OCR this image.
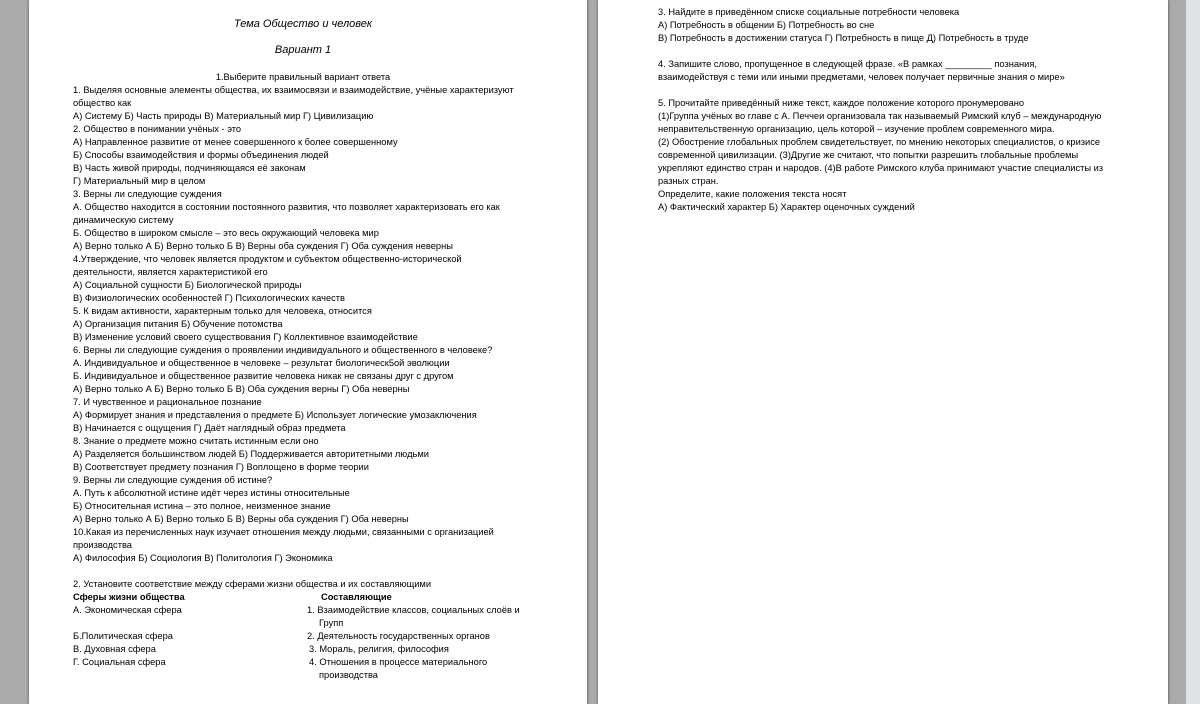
Тема Общество и человек
Вариант 1
1.Выберите правильный вариант ответа
1. Выделяя основные элементы общества, их взаимосвязи и взаимодействие, учёные характеризуют
общество как
А) Систему Б) Часть природы В) Материальный мир Г) Цивилизацию
2. Общество в понимании учёных - это
А) Направленное развитие от менее совершенного к более совершенному
Б) Способы взаимодействия и формы объединения людей
В) Часть живой природы, подчиняющаяся её законам
Г) Материальный мир в целом
3. Верны ли следующие суждения
А. Общество находится в состоянии постоянного развития, что позволяет характеризовать его как
динамическую систему
Б. Общество в широком смысле – это весь окружающий человека мир
А) Верно только А Б) Верно только Б В) Верны оба суждения Г) Оба суждения неверны
4.Утверждение, что человек является продуктом и субъектом общественно-исторической
деятельности, является характеристикой его
А) Социальной сущности Б) Биологической природы
В) Физиологических особенностей Г) Психологических качеств
5. К видам активности, характерным только для человека, относится
А) Организация питания Б) Обучение потомства
В) Изменение условий своего существования Г) Коллективное взаимодействие
6. Верны ли следующие суждения о проявлении индивидуального и общественного в человеке?
А. Индивидуальное и общественное в человеке – результат биологическ5ой эволюции
Б. Индивидуальное и общественное развитие человека никак не связаны друг с другом
А) Верно только А Б) Верно только Б В) Оба суждения верны Г) Оба неверны
7. И чувственное и рациональное познание
А) Формирует знания и представления о предмете Б) Использует логические умозаключения
В) Начинается с ощущения Г) Даёт наглядный образ предмета
8. Знание о предмете можно считать истинным если оно
А) Разделяется большинством людей Б) Поддерживается авторитетными людьми
В) Соответствует предмету познания Г) Воплощено в форме теории
9. Верны ли следующие суждения об истине?
А. Путь к абсолютной истине идёт через истины относительные
Б) Относительная истина – это полное, неизменное знание
А) Верно только А Б) Верно только Б В) Верны оба суждения Г) Оба неверны
10.Какая из перечисленных наук изучает отношения между людьми, связанными с организацией
производства
А) Философия Б) Социология В) Политология Г) Экономика
2. Установите соответствие между сферами жизни общества и их составляющими
Сферы жизни общества	Составляющие
А. Экономическая сфера
Б.Политическая сфера
В. Духовная сфера
Г. Социальная сфера
1. Взаимодействие классов, социальных слоёв и
Групп
2. Деятельность государственных органов
3. Мораль, религия, философия
4. Отношения в процессе материального
производства
3. Найдите в приведённом списке социальные потребности человека
А) Потребность в общении Б) Потребность во сне
В) Потребность в достижении статуса Г) Потребность в пище Д) Потребность в труде
4. Запишите слово, пропущенное в следующей фразе. «В рамках _________ познания,
взаимодействуя с теми или иными предметами, человек получает первичные знания о мире»
5. Прочитайте приведённый ниже текст, каждое положение которого пронумеровано
(1)Группа учёных во главе с А. Печчеи организовала так называемый Римский клуб – международную
неправительственную организацию, цель которой – изучение проблем современного мира.
(2) Обострение глобальных проблем свидетельствует, по мнению некоторых специалистов, о кризисе
современной цивилизации. (3)Другие же считают, что попытки разрешить глобальные проблемы
укрепляют единство стран и народов. (4)В работе Римского клуба принимают участие специалисты из
разных стран.
Определите, какие положения текста носят
А) Фактический характер Б) Характер оценочных суждений
